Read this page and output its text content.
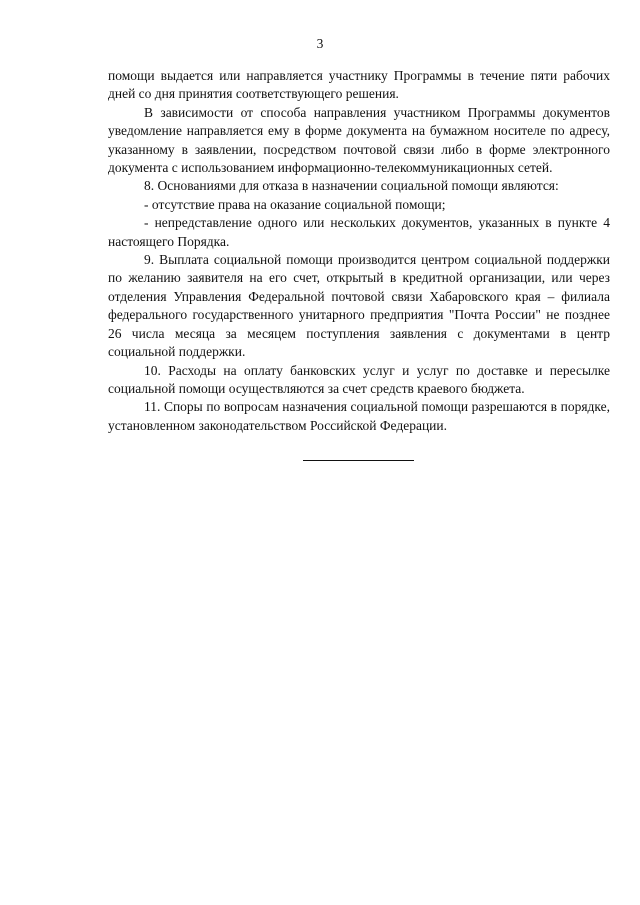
3

помощи выдается или направляется участнику Программы в течение пяти рабочих дней со дня принятия соответствующего решения.

В зависимости от способа направления участником Программы документов уведомление направляется ему в форме документа на бумажном носителе по адресу, указанному в заявлении, посредством почтовой связи либо в форме электронного документа с использованием информационно-телекоммуникационных сетей.

8. Основаниями для отказа в назначении социальной помощи являются:

- отсутствие права на оказание социальной помощи;

- непредставление одного или нескольких документов, указанных в пункте 4 настоящего Порядка.

9. Выплата социальной помощи производится центром социальной поддержки по желанию заявителя на его счет, открытый в кредитной организации, или через отделения Управления Федеральной почтовой связи Хабаровского края – филиала федерального государственного унитарного предприятия "Почта России" не позднее 26 числа месяца за месяцем поступления заявления с документами в центр социальной поддержки.

10. Расходы на оплату банковских услуг и услуг по доставке и пересылке социальной помощи осуществляются за счет средств краевого бюджета.

11. Споры по вопросам назначения социальной помощи разрешаются в порядке, установленном законодательством Российской Федерации.
